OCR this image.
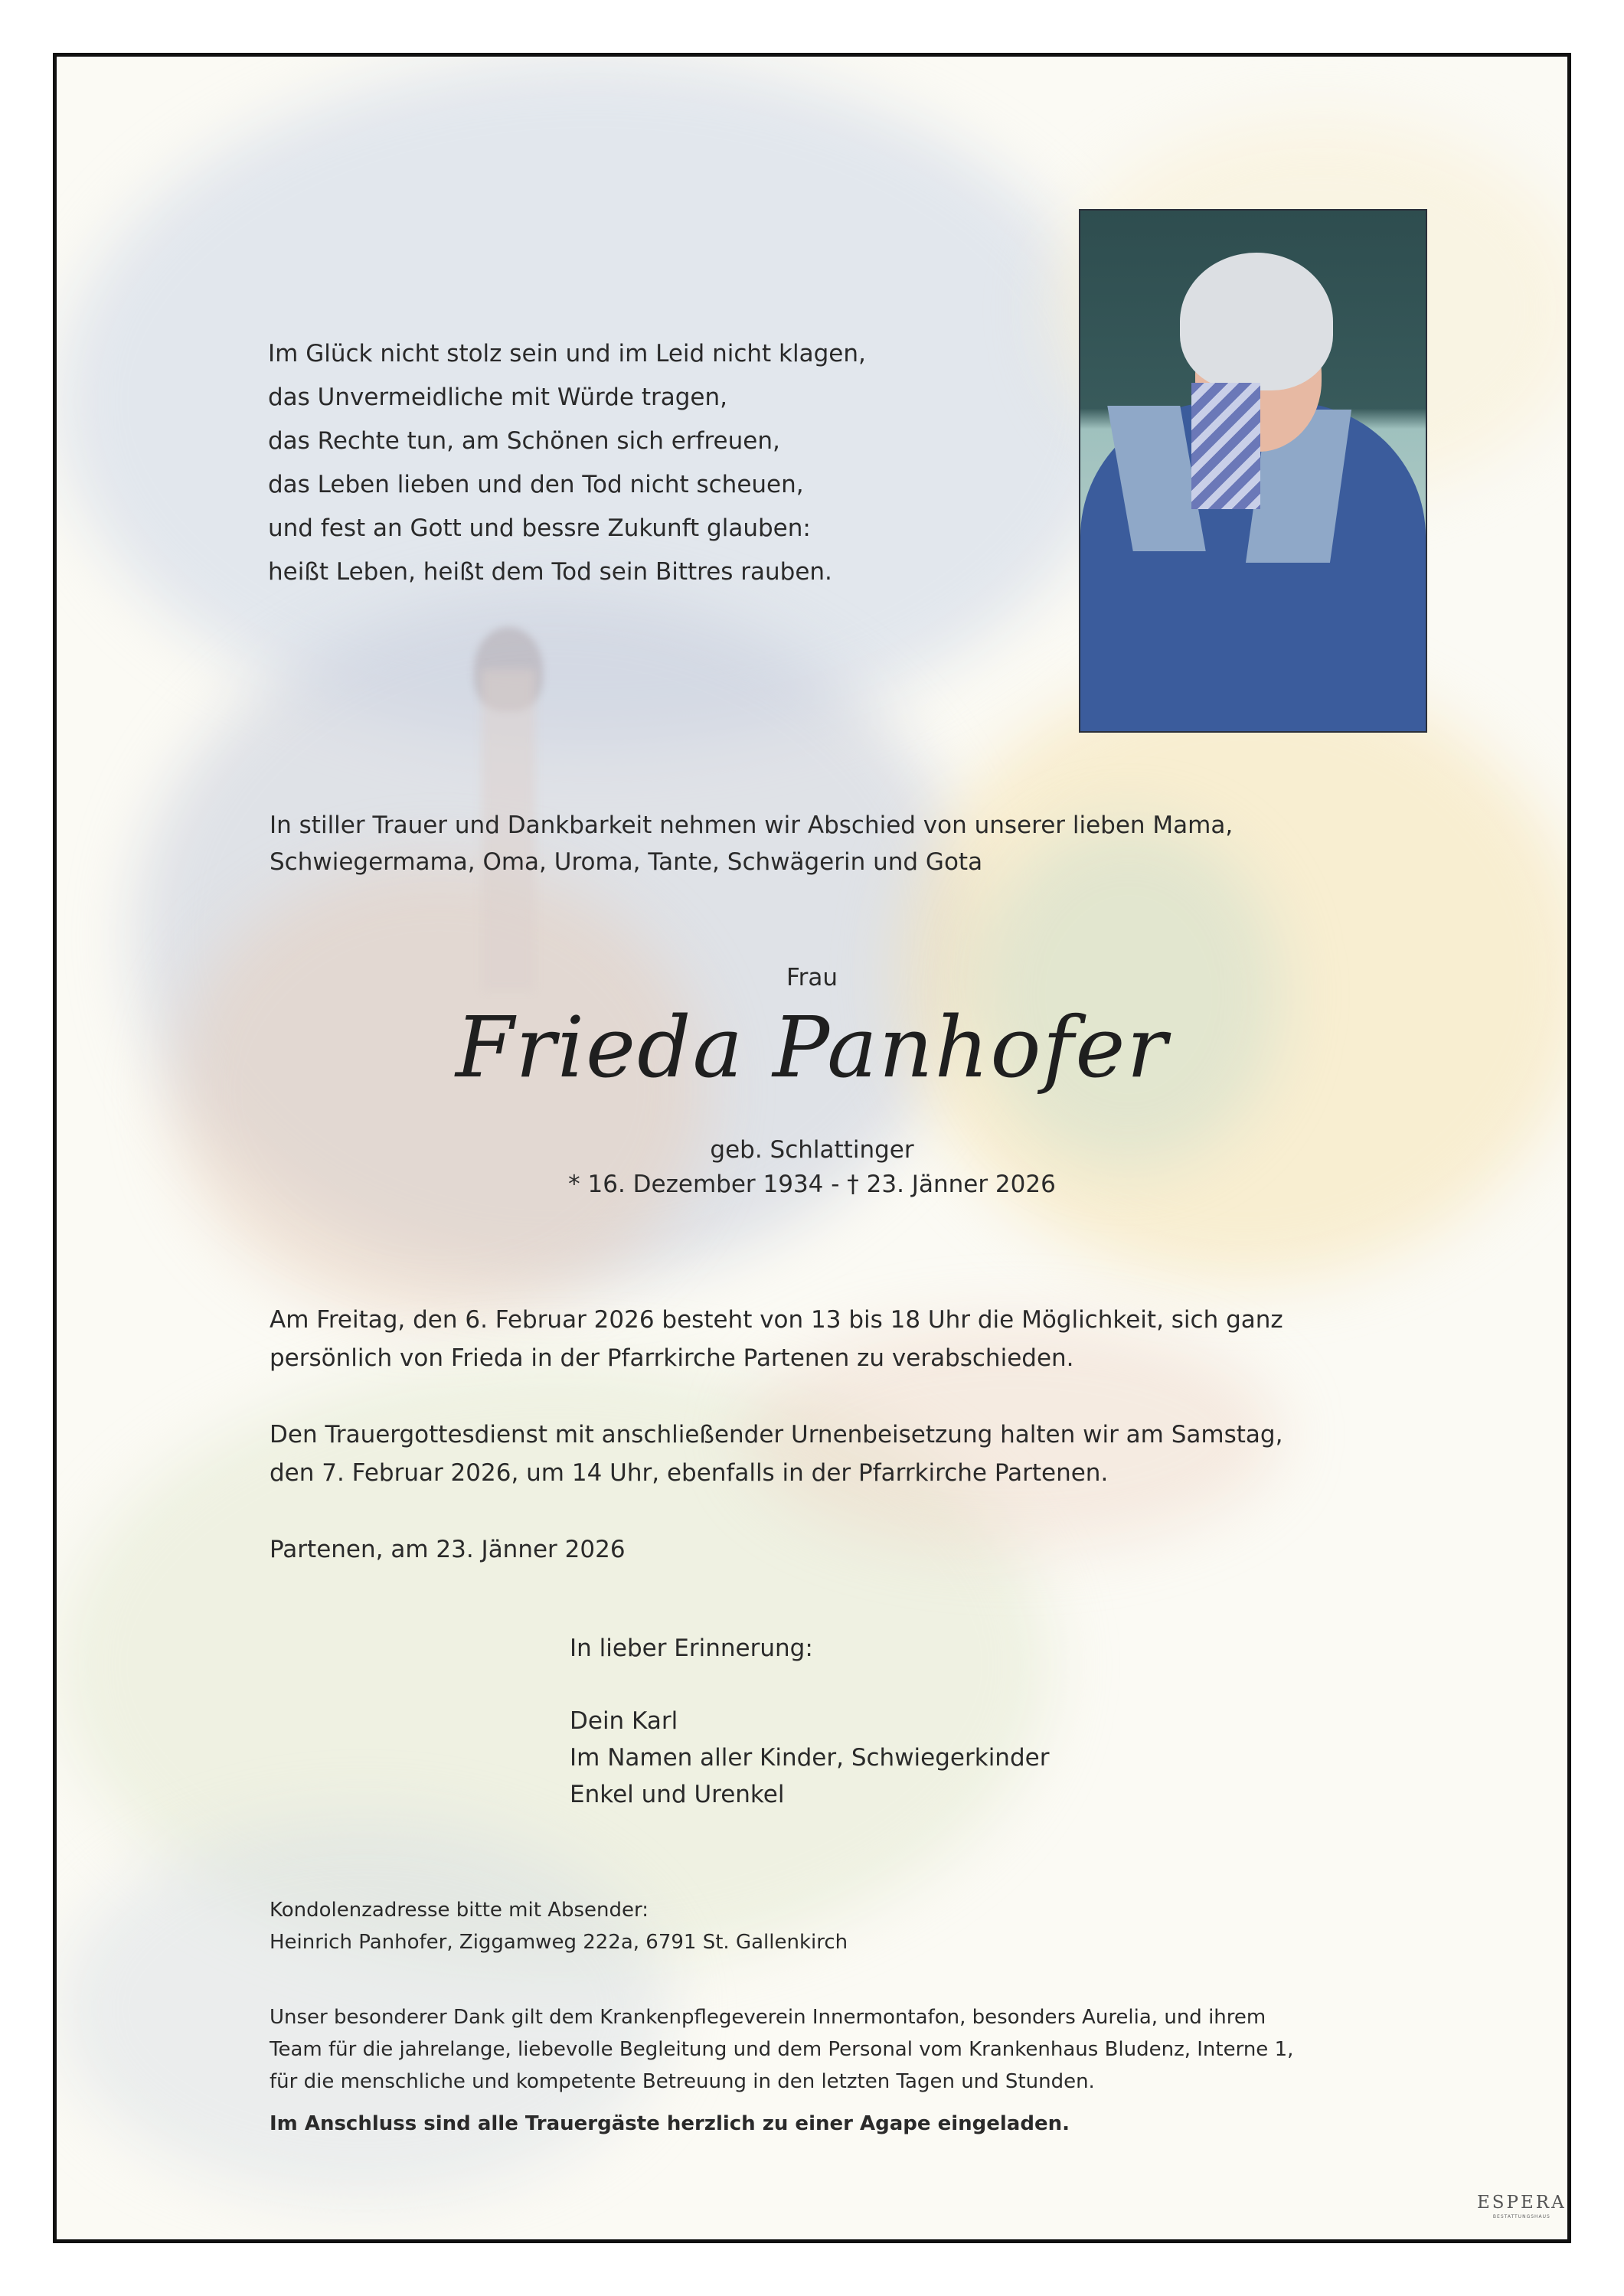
Im Glück nicht stolz sein und im Leid nicht klagen,
das Unvermeidliche mit Würde tragen,
das Rechte tun, am Schönen sich erfreuen,
das Leben lieben und den Tod nicht scheuen,
und fest an Gott und bessre Zukunft glauben:
heißt Leben, heißt dem Tod sein Bittres rauben.
In stiller Trauer und Dankbarkeit nehmen wir Abschied von unserer lieben Mama,
Schwiegermama, Oma, Uroma, Tante, Schwägerin und Gota
Frau
Frieda Panhofer
geb. Schlattinger
* 16. Dezember 1934 - † 23. Jänner 2026
Am Freitag, den 6. Februar 2026 besteht von 13 bis 18 Uhr die Möglichkeit, sich ganz
persönlich von Frieda in der Pfarrkirche Partenen zu verabschieden.
Den Trauergottesdienst mit anschließender Urnenbeisetzung halten wir am Samstag,
den 7. Februar 2026, um 14 Uhr, ebenfalls in der Pfarrkirche Partenen.
Partenen, am 23. Jänner 2026
In lieber Erinnerung:
Dein Karl
Im Namen aller Kinder, Schwiegerkinder
Enkel und Urenkel
Kondolenzadresse bitte mit Absender:
Heinrich Panhofer, Ziggamweg 222a, 6791 St. Gallenkirch
Unser besonderer Dank gilt dem Krankenpflegeverein Innermontafon, besonders Aurelia, und ihrem
Team für die jahrelange, liebevolle Begleitung und dem Personal vom Krankenhaus Bludenz, Interne 1,
für die menschliche und kompetente Betreuung in den letzten Tagen und Stunden.
Im Anschluss sind alle Trauergäste herzlich zu einer Agape eingeladen.
ESPERA
BESTATTUNGSHAUS
